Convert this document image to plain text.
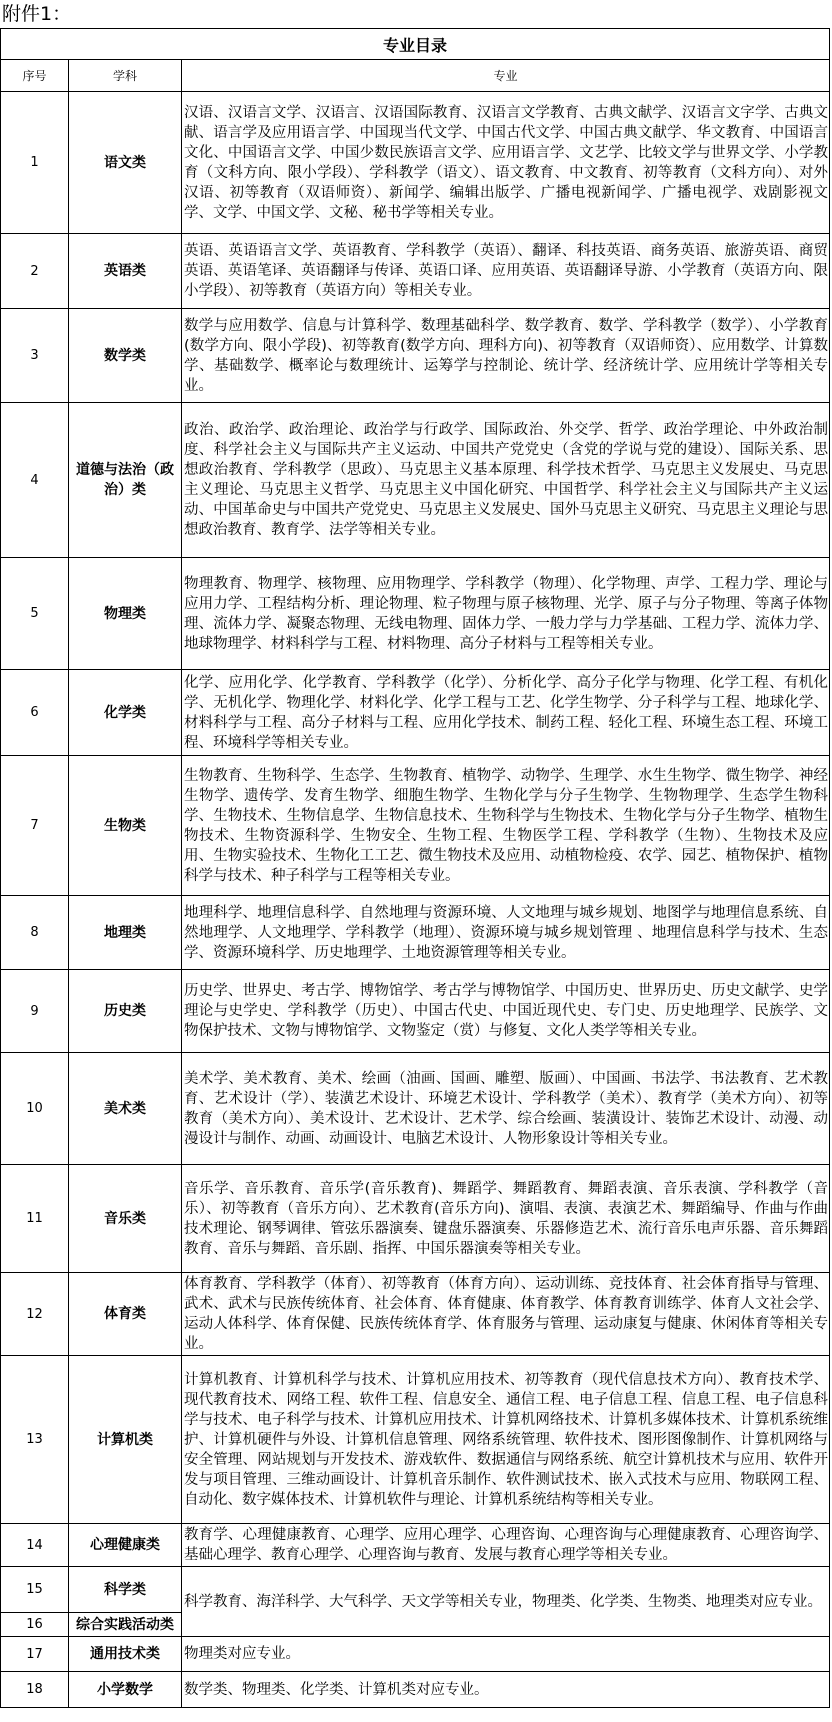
附件1：
专业目录		
序号	学科	专业
1	语文类	汉语、汉语言文学、汉语言、汉语国际教育、汉语言文学教育、古典文献学、汉语言文字学、古典文献、语言学及应用语言学、中国现当代文学、中国古代文学、中国古典文献学、华文教育、中国语言文化、中国语言文学、中国少数民族语言文学、应用语言学、文艺学、比较文学与世界文学、小学教育（文科方向、限小学段）、学科教学（语文）、语文教育、中文教育、初等教育（文科方向）、对外汉语、初等教育（双语师资）、新闻学、编辑出版学、广播电视新闻学、广播电视学、戏剧影视文学、文学、中国文学、文秘、秘书学等相关专业。
2	英语类	英语、英语语言文学、英语教育、学科教学（英语）、翻译、科技英语、商务英语、旅游英语、商贸英语、英语笔译、英语翻译与传译、英语口译、应用英语、英语翻译导游、小学教育（英语方向、限小学段）、初等教育（英语方向）等相关专业。
3	数学类	数学与应用数学、信息与计算科学、数理基础科学、数学教育、数学、学科教学（数学）、小学教育(数学方向、限小学段)、初等教育(数学方向、理科方向)、初等教育（双语师资）、应用数学、计算数学、基础数学、概率论与数理统计、运筹学与控制论、统计学、经济统计学、应用统计学等相关专业。
4	道德与法治（政治）类	政治、政治学、政治理论、政治学与行政学、国际政治、外交学、哲学、政治学理论、中外政治制度、科学社会主义与国际共产主义运动、中国共产党党史（含党的学说与党的建设）、国际关系、思想政治教育、学科教学（思政）、马克思主义基本原理、科学技术哲学、马克思主义发展史、马克思主义理论、马克思主义哲学、马克思主义中国化研究、中国哲学、科学社会主义与国际共产主义运动、中国革命史与中国共产党党史、马克思主义发展史、国外马克思主义研究、马克思主义理论与思想政治教育、教育学、法学等相关专业。
5	物理类	物理教育、物理学、核物理、应用物理学、学科教学（物理）、化学物理、声学、工程力学、理论与应用力学、工程结构分析、理论物理、粒子物理与原子核物理、光学、原子与分子物理、等离子体物理、流体力学、凝聚态物理、无线电物理、固体力学、一般力学与力学基础、工程力学、流体力学、地球物理学、材料科学与工程、材料物理、高分子材料与工程等相关专业。
6	化学类	化学、应用化学、化学教育、学科教学（化学）、分析化学、高分子化学与物理、化学工程、有机化学、无机化学、物理化学、材料化学、化学工程与工艺、化学生物学、分子科学与工程、地球化学、材料科学与工程、高分子材料与工程、应用化学技术、制药工程、轻化工程、环境生态工程、环境工程、环境科学等相关专业。
7	生物类	生物教育、生物科学、生态学、生物教育、植物学、动物学、生理学、水生生物学、微生物学、神经生物学、遗传学、发育生物学、细胞生物学、生物化学与分子生物学、生物物理学、生态学生物科学、生物技术、生物信息学、生物信息技术、生物科学与生物技术、生物化学与分子生物学、植物生物技术、生物资源科学、生物安全、生物工程、生物医学工程、学科教学（生物）、生物技术及应用、生物实验技术、生物化工工艺、微生物技术及应用、动植物检疫、农学、园艺、植物保护、植物科学与技术、种子科学与工程等相关专业。
8	地理类	地理科学、地理信息科学、自然地理与资源环境、人文地理与城乡规划、地图学与地理信息系统、自然地理学、人文地理学、学科教学（地理）、资源环境与城乡规划管理 、地理信息科学与技术、生态学、资源环境科学、历史地理学、土地资源管理等相关专业。
9	历史类	历史学、世界史、考古学、博物馆学、考古学与博物馆学、中国历史、世界历史、历史文献学、史学理论与史学史、学科教学（历史）、中国古代史、中国近现代史、专门史、历史地理学、民族学、文物保护技术、文物与博物馆学、文物鉴定（赏）与修复、文化人类学等相关专业。
10	美术类	美术学、美术教育、美术、绘画（油画、国画、雕塑、版画）、中国画、书法学、书法教育、艺术教育、艺术设计（学）、装潢艺术设计、环境艺术设计、学科教学（美术）、教育学（美术方向）、初等教育（美术方向）、美术设计、艺术设计、艺术学、综合绘画、装潢设计、装饰艺术设计、动漫、动漫设计与制作、动画、动画设计、电脑艺术设计、人物形象设计等相关专业。
11	音乐类	音乐学、音乐教育、音乐学(音乐教育)、舞蹈学、舞蹈教育、舞蹈表演、音乐表演、学科教学（音乐）、初等教育（音乐方向）、艺术教育(音乐方向)、演唱、表演、表演艺术、舞蹈编导、作曲与作曲技术理论、钢琴调律、管弦乐器演奏、键盘乐器演奏、乐器修造艺术、流行音乐电声乐器、音乐舞蹈教育、音乐与舞蹈、音乐剧、指挥、中国乐器演奏等相关专业。
12	体育类	体育教育、学科教学（体育）、初等教育（体育方向）、运动训练、竞技体育、社会体育指导与管理、武术、武术与民族传统体育、社会体育、体育健康、体育教学、体育教育训练学、体育人文社会学、运动人体科学、体育保健、民族传统体育学、体育服务与管理、运动康复与健康、休闲体育等相关专业。
13	计算机类	计算机教育、计算机科学与技术、计算机应用技术、初等教育（现代信息技术方向）、教育技术学、现代教育技术、网络工程、软件工程、信息安全、通信工程、电子信息工程、信息工程、电子信息科学与技术、电子科学与技术、计算机应用技术、计算机网络技术、计算机多媒体技术、计算机系统维护、计算机硬件与外设、计算机信息管理、网络系统管理、软件技术、图形图像制作、计算机网络与安全管理、网站规划与开发技术、游戏软件、数据通信与网络系统、航空计算机技术与应用、软件开发与项目管理、三维动画设计、计算机音乐制作、软件测试技术、嵌入式技术与应用、物联网工程、自动化、数字媒体技术、计算机软件与理论、计算机系统结构等相关专业。
14	心理健康类	教育学、心理健康教育、心理学、应用心理学、心理咨询、心理咨询与心理健康教育、心理咨询学、基础心理学、教育心理学、心理咨询与教育、发展与教育心理学等相关专业。
15	科学类	科学教育、海洋科学、大气科学、天文学等相关专业，物理类、化学类、生物类、地理类对应专业。
16	综合实践活动类	
17	通用技术类	物理类对应专业。
18	小学数学	数学类、物理类、化学类、计算机类对应专业。
